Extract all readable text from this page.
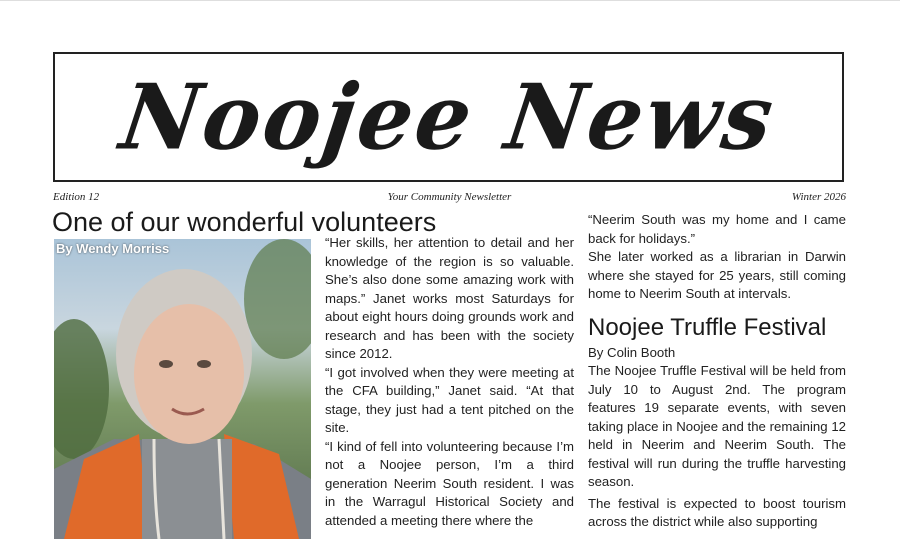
Noojee News
Edition 12	Your Community Newsletter	Winter 2026
One of our wonderful volunteers
By Wendy Morriss	“Her skills, her attention to detail and her knowledge of the region is so valuable. She’s also done some amazing work with maps.” Janet works most Saturdays for about eight hours doing grounds work and research and has been with the society since 2012.

“I got involved when they were meeting at the CFA building,” Janet said. “At that stage, they just had a tent pitched on the site.

“I kind of fell into volunteering because I’m not a Noojee person, I’m a third generation Neerim South resident. I was in the Warragul Historical Society and attended a meeting there where the

“Neerim South was my home and I came back for holidays.”

She later worked as a librarian in Darwin where she stayed for 25 years, still coming home to Neerim South at intervals.

Noojee Truffle Festival

By Colin Booth

The Noojee Truffle Festival will be held from July 10 to August 2nd. The program features 19 separate events, with seven taking place in Noojee and the remaining 12 held in Neerim and Neerim South. The festival will run during the truffle harvesting season.

The festival is expected to boost tourism across the district while also supporting
